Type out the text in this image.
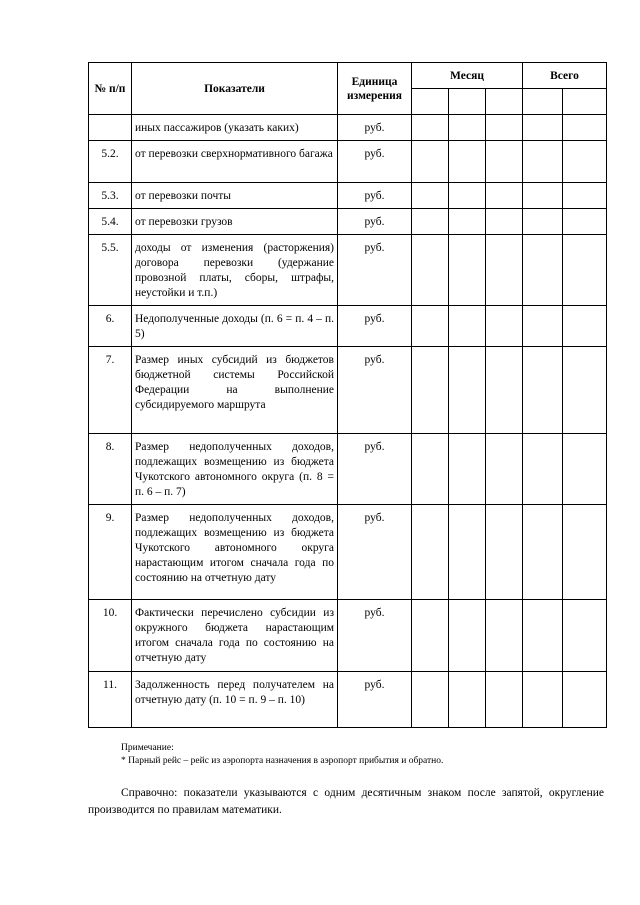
№ п/п	Показатели	Единица измерения	Месяц			Всего	

	иных пассажиров (указать каких)	руб.					
5.2.	от перевозки сверхнормативного багажа	руб.					
5.3.	от перевозки почты	руб.					
5.4.	от перевозки грузов	руб.					
5.5.	доходы от изменения (расторжения) договора перевозки (удержание провозной платы, сборы, штрафы, неустойки и т.п.)	руб.					
6.	Недополученные доходы (п. 6 = п. 4 – п. 5)	руб.					
7.	Размер иных субсидий из бюджетов бюджетной системы Российской Федерации на выполнение субсидируемого маршрута	руб.					
8.	Размер недополученных доходов, подлежащих возмещению из бюджета Чукотского автономного округа (п. 8 = п. 6 – п. 7)	руб.					
9.	Размер недополученных доходов, подлежащих возмещению из бюджета Чукотского автономного округа нарастающим итогом сначала года по состоянию на отчетную дату	руб.					
10.	Фактически перечислено субсидии из окружного бюджета нарастающим итогом сначала года по состоянию на отчетную дату	руб.					
11.	Задолженность перед получателем на отчетную дату (п. 10 = п. 9 – п. 10)	руб.					
Примечание:
* Парный рейс – рейс из аэропорта назначения в аэропорт прибытия и обратно.
Справочно: показатели указываются с одним десятичным знаком после запятой, округление производится по правилам математики.
